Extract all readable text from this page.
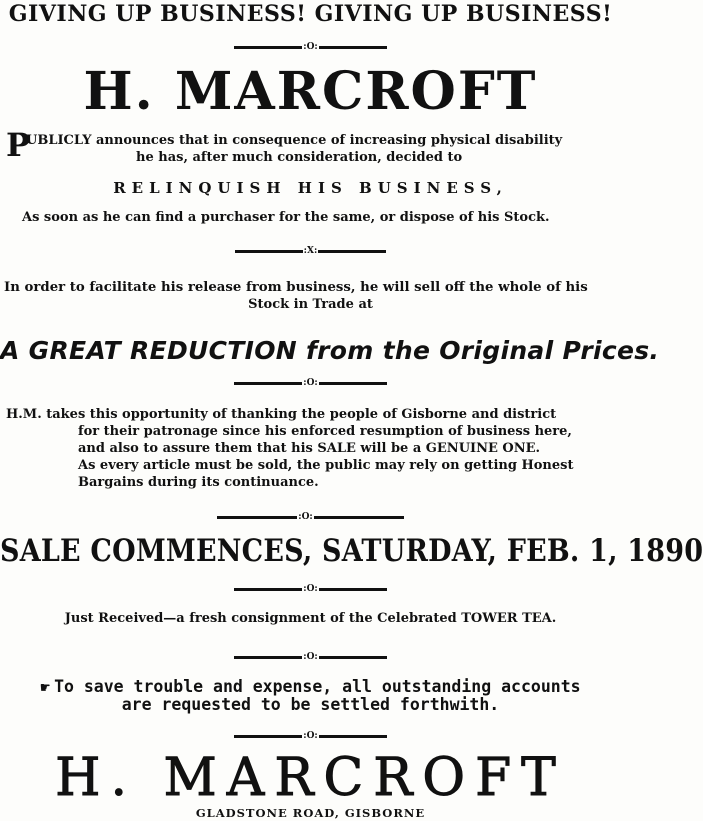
GIVING UP BUSINESS! GIVING UP BUSINESS!
:O:
H. MARCROFT
P
UBLICLY announces that in consequence of increasing physical disability
he has, after much consideration, decided to
RELINQUISH HIS BUSINESS,
As soon as he can find a purchaser for the same, or dispose of his Stock.
:X:
In order to facilitate his release from business, he will sell off the whole of his
Stock in Trade at
A GREAT REDUCTION from the Original Prices.
:O:
H.M. takes this opportunity of thanking the people of Gisborne and district
for their patronage since his enforced resumption of business here,
and also to assure them that his SALE will be a GENUINE ONE.
As every article must be sold, the public may rely on getting Honest
Bargains during its continuance.
:O:
SALE COMMENCES, SATURDAY, FEB. 1, 1890
:O:
Just Received—a fresh consignment of the Celebrated TOWER TEA.
:O:
☛ To save trouble and expense, all outstanding accounts
are requested to be settled forthwith.
:O:
H. MARCROFT
GLADSTONE ROAD, GISBORNE
